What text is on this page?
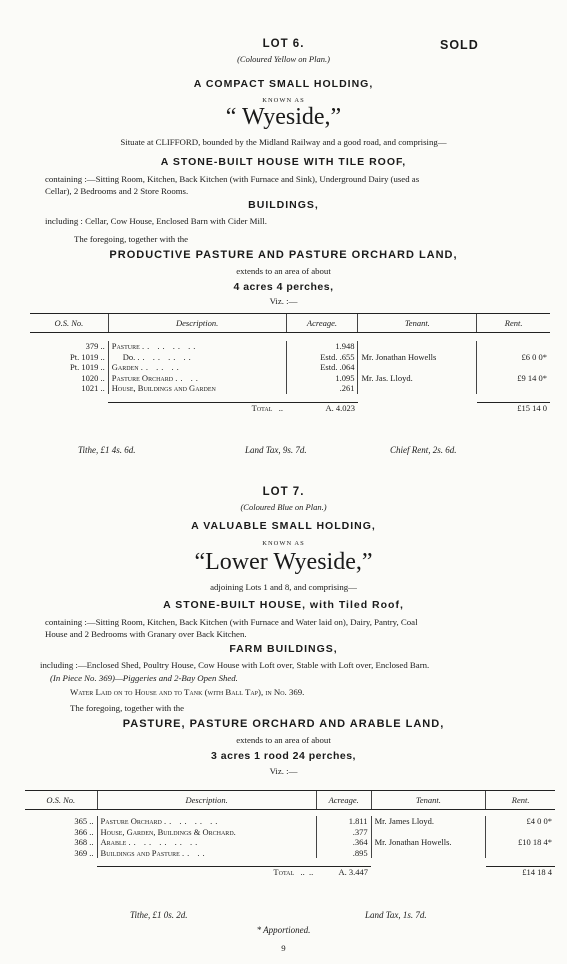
LOT 6.	SOLD
(Coloured Yellow on Plan.)
A COMPACT SMALL HOLDING,
KNOWN AS
“ Wyeside,”
Situate at CLIFFORD, bounded by the Midland Railway and a good road, and comprising—
A STONE-BUILT HOUSE WITH TILE ROOF,
containing :—Sitting Room, Kitchen, Back Kitchen (with Furnace and Sink), Underground Dairy (used as
Cellar), 2 Bedrooms and 2 Store Rooms.
BUILDINGS,
including : Cellar, Cow House, Enclosed Barn with Cider Mill.
The foregoing, together with the
PRODUCTIVE PASTURE AND PASTURE ORCHARD LAND,
extends to an area of about
4 acres 4 perches,
Viz. :—
O.S. No.	Description.	Acreage.	Tenant.	Rent.

379 ..	Pasture .. .. .. ..	1.948		
Pt. 1019 ..	Do. .. .. .. ..	Estd. .655	Mr. Jonathan Howells	£6 0 0*
Pt. 1019 ..	Garden .. .. ..	Estd. .064		
1020 ..	Pasture Orchard .. ..	1.095	Mr. Jas. Lloyd.	£9 14 0*
1021 ..	House, Buildings and Garden	.261		

	Total   ..	A. 4.023		£15 14 0
Tithe, £1 4s. 6d.	Land Tax, 9s. 7d.	Chief Rent, 2s. 6d.
LOT 7.
(Coloured Blue on Plan.)
A VALUABLE SMALL HOLDING,
KNOWN AS
“Lower Wyeside,”
adjoining Lots 1 and 8, and comprising—
A STONE-BUILT HOUSE, with Tiled Roof,
containing :—Sitting Room, Kitchen, Back Kitchen (with Furnace and Water laid on), Dairy, Pantry, Coal
House and 2 Bedrooms with Granary over Back Kitchen.
FARM BUILDINGS,
including :—Enclosed Shed, Poultry House, Cow House with Loft over, Stable with Loft over, Enclosed Barn.
(In Piece No. 369)—Piggeries and 2-Bay Open Shed.
Water Laid on to House and to Tank (with Ball Tap), in No. 369.
The foregoing, together with the
PASTURE, PASTURE ORCHARD AND ARABLE LAND,
extends to an area of about
3 acres 1 rood 24 perches,
Viz. :—
O.S. No.	Description.	Acreage.	Tenant.	Rent.

365 ..	Pasture Orchard .. .. .. ..	1.811	Mr. James Lloyd.	£4 0 0*
366 ..	House, Garden, Buildings & Orchard.	.377		
368 ..	Arable .. .. .. .. ..	.364	Mr. Jonathan Howells.	£10 18 4*
369 ..	Buildings and Pasture .. ..	.895		

	Total   ..  ..	A. 3.447		£14 18 4
Tithe, £1 0s. 2d.	Land Tax, 1s. 7d.
* Apportioned.
9
